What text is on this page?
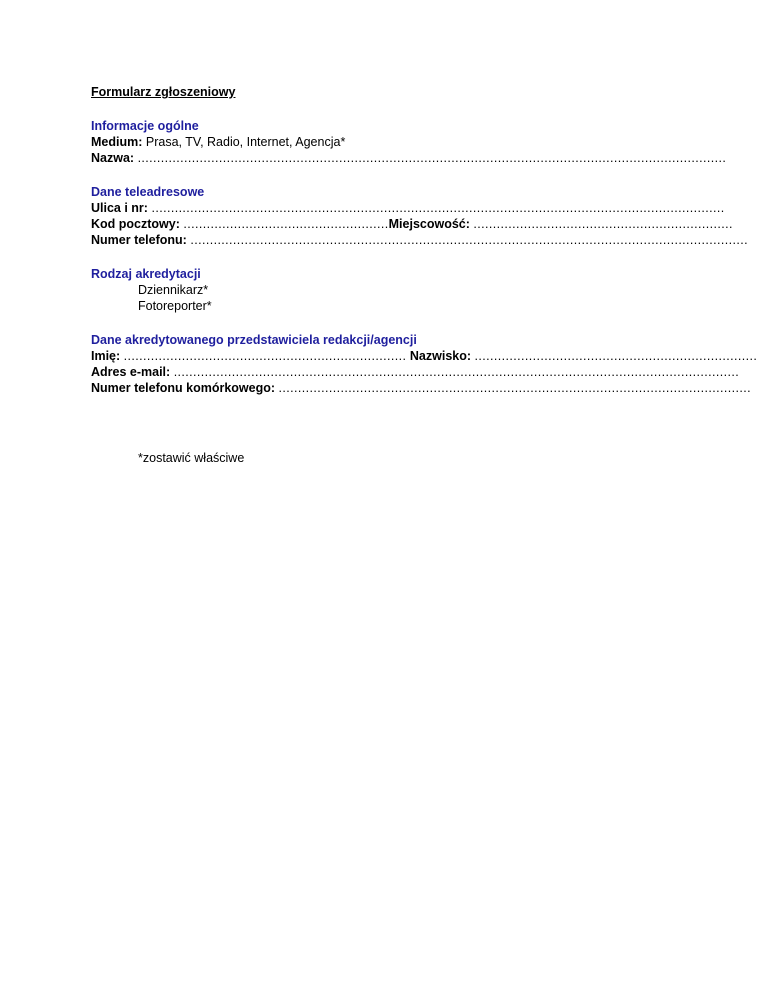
Formularz zgłoszeniowy
Informacje ogólne
Medium: Prasa, TV, Radio, Internet, Agencja*
Nazwa: ........................................................................................................................................................
Dane teleadresowe
Ulica i nr: ....................................................................................................................................................
Kod pocztowy: .....................................................Miejscowość: ...................................................................
Numer telefonu: ................................................................................................................................................
Rodzaj akredytacji
Dziennikarz*
Fotoreporter*
Dane akredytowanego przedstawiciela redakcji/agencji
Imię: ......................................................................... Nazwisko: .........................................................................
Adres e-mail: ..................................................................................................................................................
Numer telefonu komórkowego: ..........................................................................................................................
*zostawić właściwe
